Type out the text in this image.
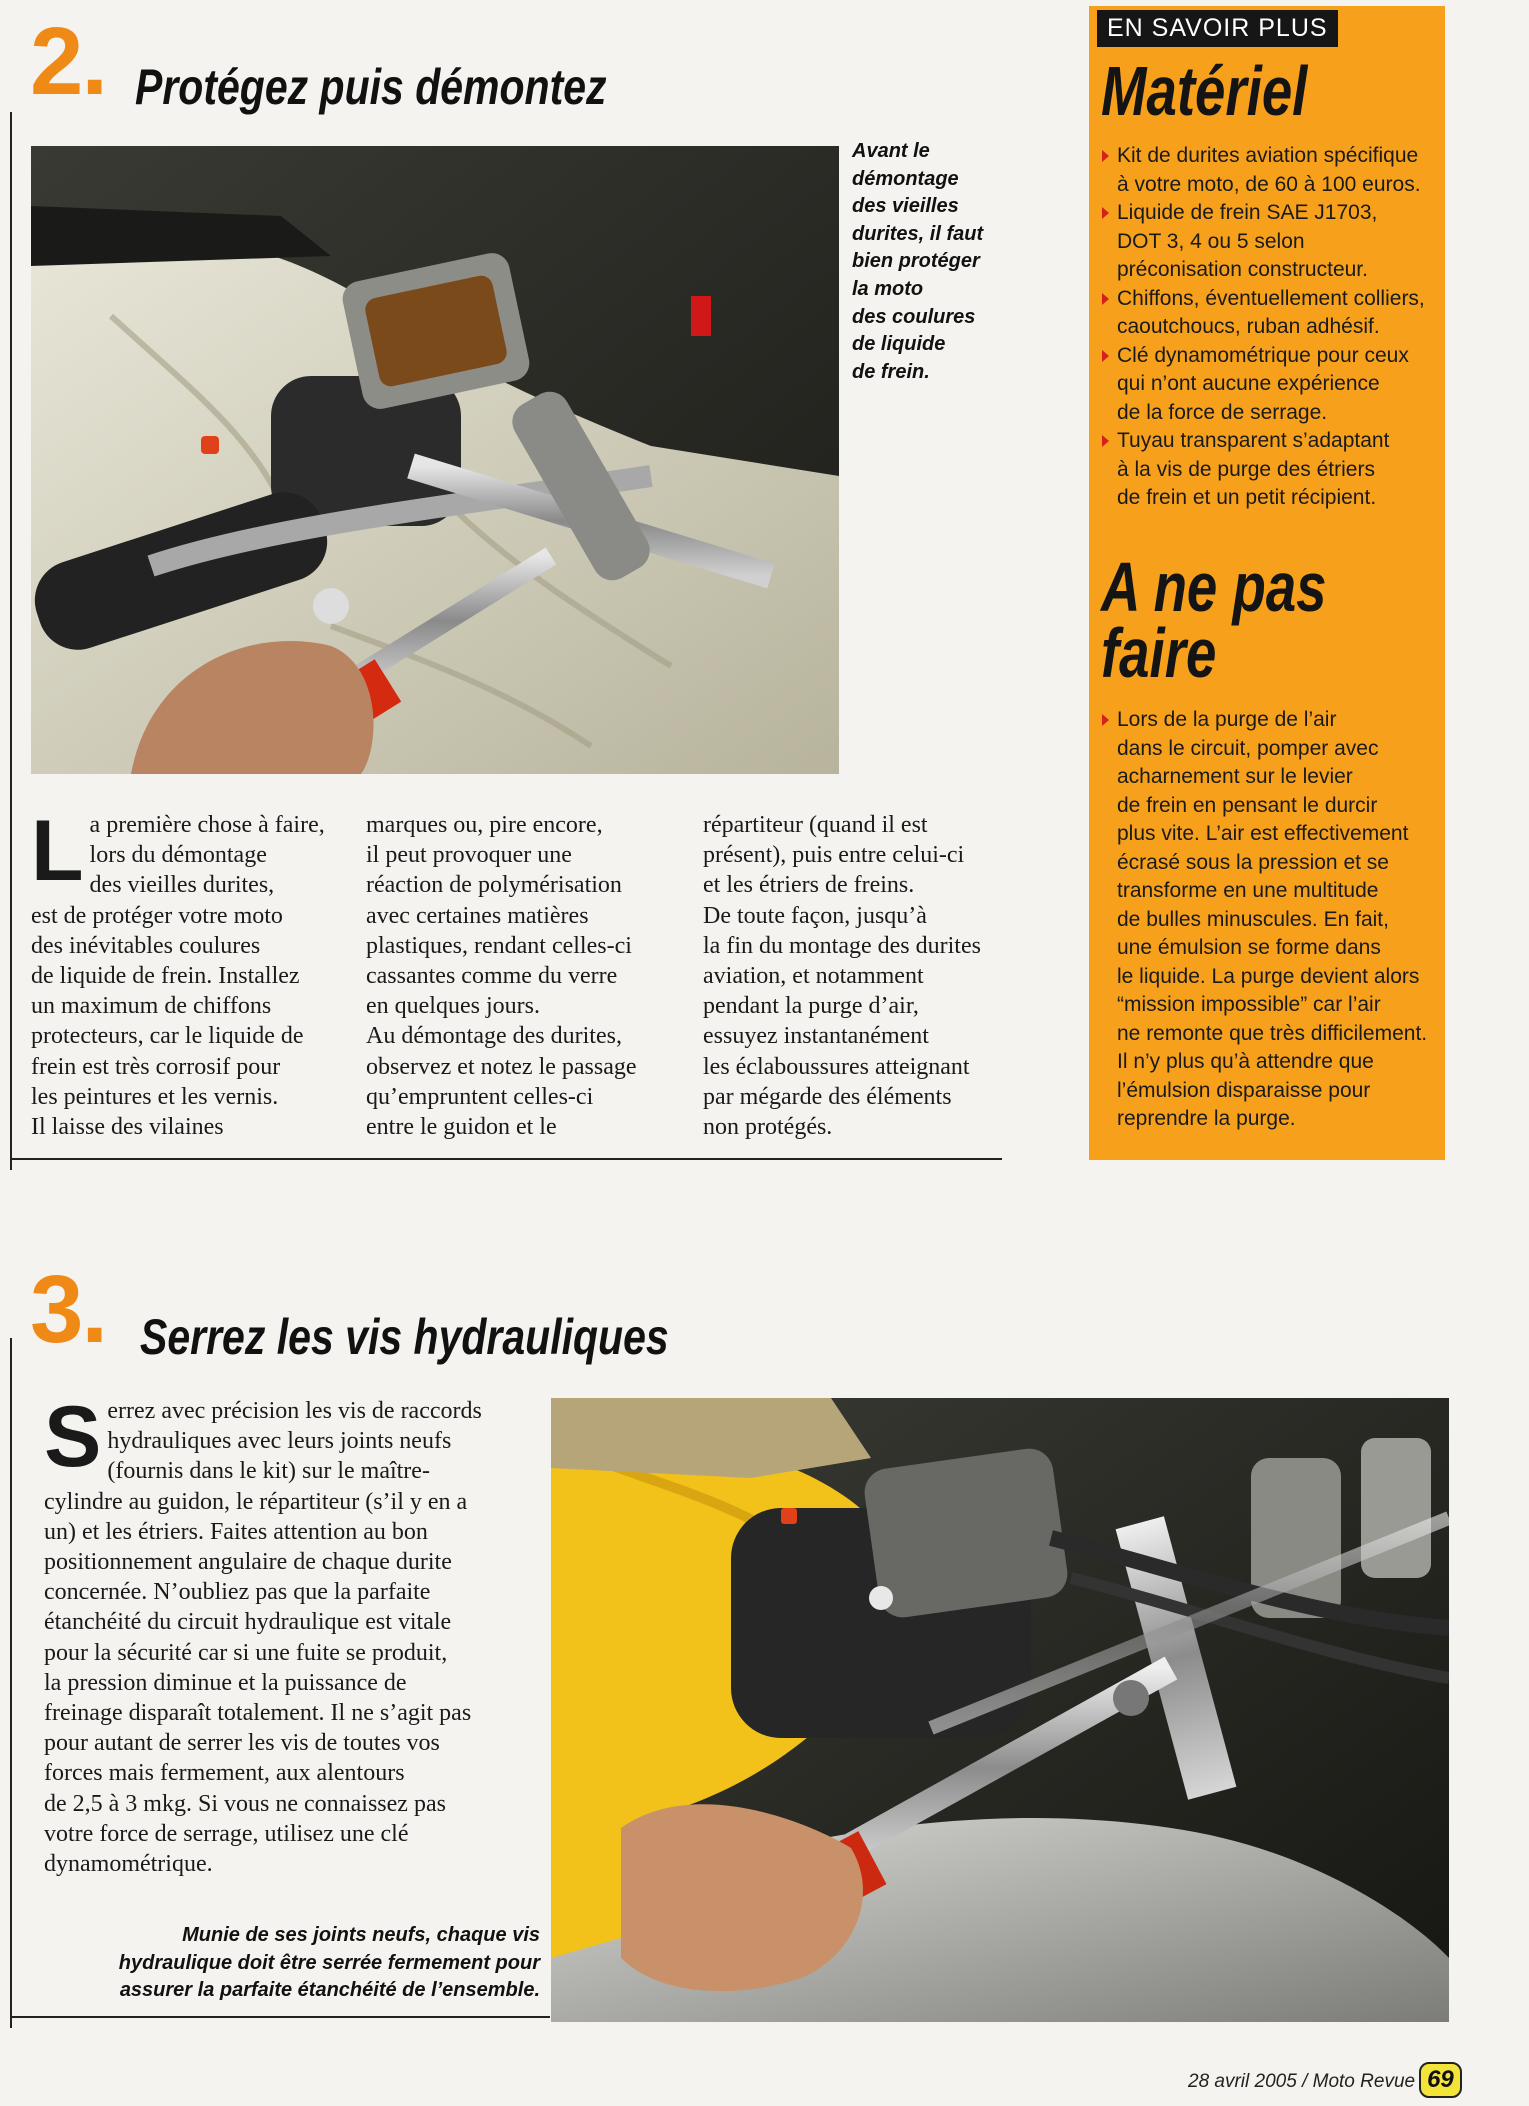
2. Protégez puis démontez
Avant le
démontage
des vieilles
durites, il faut
bien protéger
la moto
des coulures
de liquide
de frein.
L a première chose à faire,

lors du démontage

des vieilles durites,

est de protéger votre moto

des inévitables coulures

de liquide de frein. Installez

un maximum de chiffons

protecteurs, car le liquide de

frein est très corrosif pour

les peintures et les vernis.

Il laisse des vilaines

marques ou, pire encore,

il peut provoquer une

réaction de polymérisation

avec certaines matières

plastiques, rendant celles-ci

cassantes comme du verre

en quelques jours.

Au démontage des durites,

observez et notez le passage

qu’empruntent celles-ci

entre le guidon et le

répartiteur (quand il est

présent), puis entre celui-ci

et les étriers de freins.

De toute façon, jusqu’à

la fin du montage des durites

aviation, et notamment

pendant la purge d’air,

essuyez instantanément

les éclaboussures atteignant

par mégarde des éléments

non protégés.

EN SAVOIR PLUS
Matériel
Kit de durites aviation spécifique
à votre moto, de 60 à 100 euros.
Liquide de frein SAE J1703,
DOT 3, 4 ou 5 selon
préconisation constructeur.
Chiffons, éventuellement colliers,
caoutchoucs, ruban adhésif.
Clé dynamométrique pour ceux
qui n’ont aucune expérience
de la force de serrage.
Tuyau transparent s’adaptant
à la vis de purge des étriers
de frein et un petit récipient.
A ne pas
faire
Lors de la purge de l’air
dans le circuit, pomper avec
acharnement sur le levier
de frein en pensant le durcir
plus vite. L’air est effectivement
écrasé sous la pression et se
transforme en une multitude
de bulles minuscules. En fait,
une émulsion se forme dans
le liquide. La purge devient alors
“mission impossible” car l’air
ne remonte que très difficilement.
Il n’y plus qu’à attendre que
l’émulsion disparaisse pour
reprendre la purge.
3. Serrez les vis hydrauliques
S errez avec précision les vis de raccords

hydrauliques avec leurs joints neufs

(fournis dans le kit) sur le maître-

cylindre au guidon, le répartiteur (s’il y en a

un) et les étriers. Faites attention au bon

positionnement angulaire de chaque durite

concernée. N’oubliez pas que la parfaite

étanchéité du circuit hydraulique est vitale

pour la sécurité car si une fuite se produit,

la pression diminue et la puissance de

freinage disparaît totalement. Il ne s’agit pas

pour autant de serrer les vis de toutes vos

forces mais fermement, aux alentours

de 2,5 à 3 mkg. Si vous ne connaissez pas

votre force de serrage, utilisez une clé

dynamométrique.

Munie de ses joints neufs, chaque vis
hydraulique doit être serrée fermement pour
assurer la parfaite étanchéité de l’ensemble.
28 avril 2005 / Moto Revue 69
